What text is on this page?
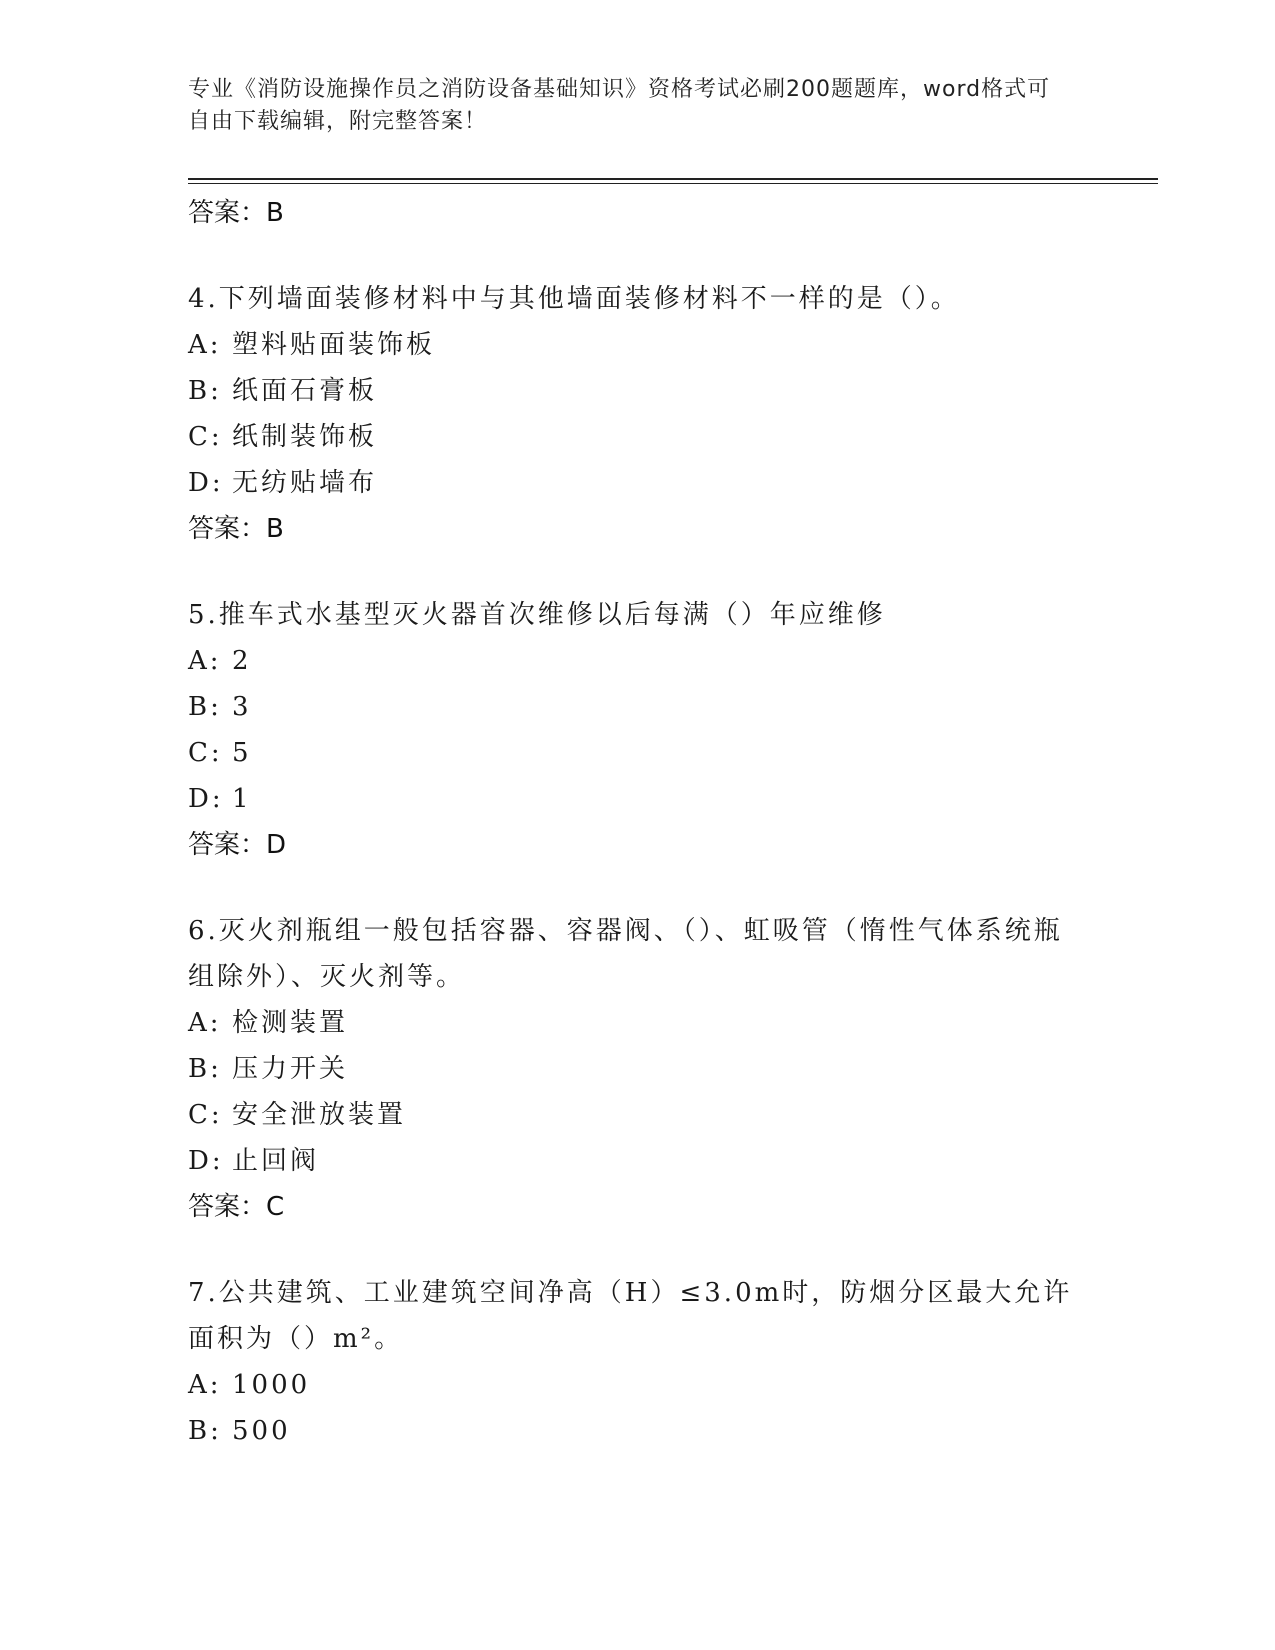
专业《消防设施操作员之消防设备基础知识》资格考试必刷200题题库，word格式可自由下载编辑，附完整答案！
答案：B
4.下列墙面装修材料中与其他墙面装修材料不一样的是（）。
A: 塑料贴面装饰板
B: 纸面石膏板
C: 纸制装饰板
D: 无纺贴墙布
答案：B
5.推车式水基型灭火器首次维修以后每满（）年应维修
A: 2
B: 3
C: 5
D: 1
答案：D
6.灭火剂瓶组一般包括容器、容器阀、（）、虹吸管（惰性气体系统瓶组除外）、灭火剂等。
A: 检测装置
B: 压力开关
C: 安全泄放装置
D: 止回阀
答案：C
7.公共建筑、工业建筑空间净高（H）≤3.0m时，防烟分区最大允许面积为（）m²。
A: 1000
B: 500
